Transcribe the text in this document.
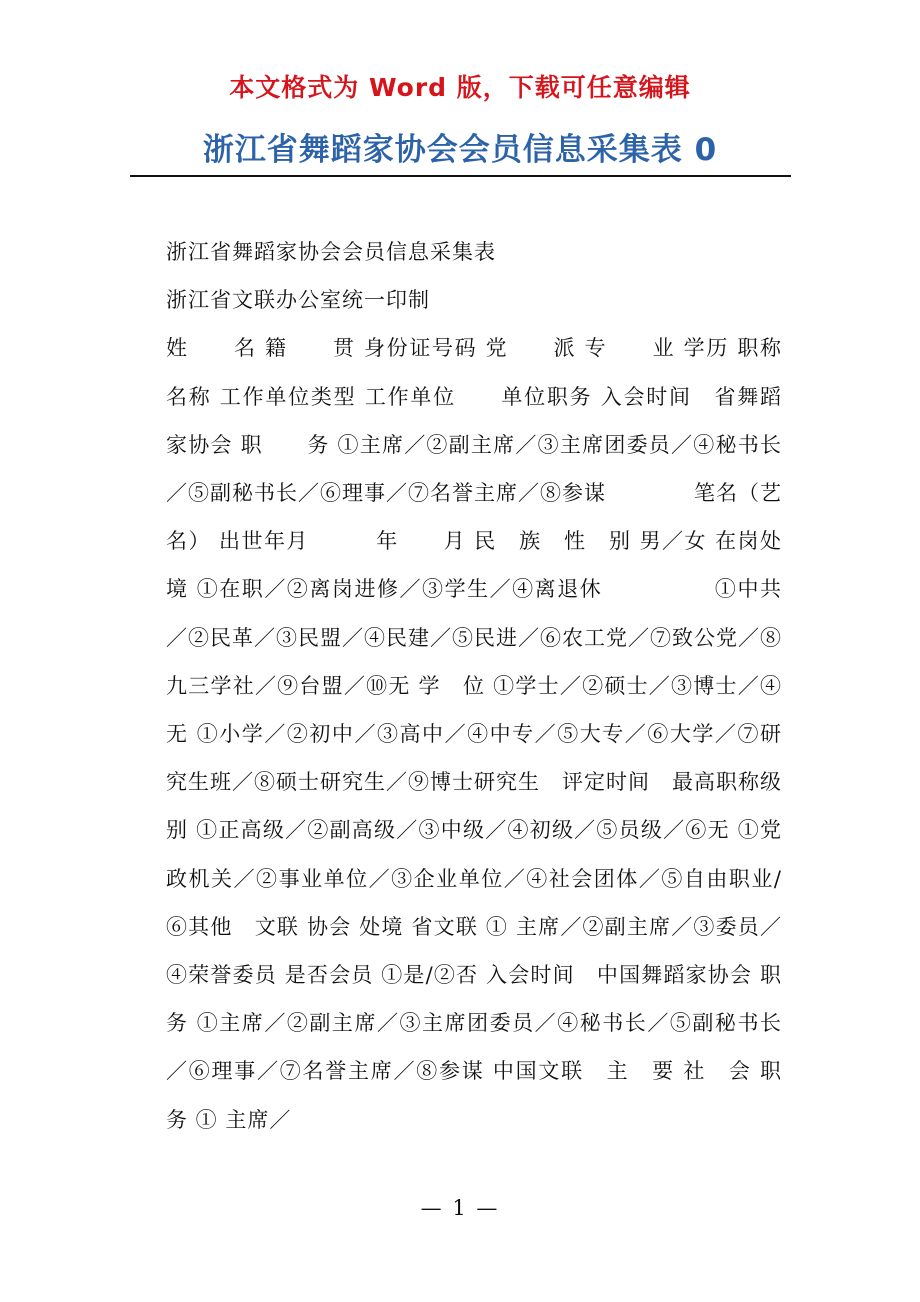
本文格式为 Word 版，下载可任意编辑
浙江省舞蹈家协会会员信息采集表 0

浙江省舞蹈家协会会员信息采集表

浙江省文联办公室统一印制

姓　　名 籍　　贯 身份证号码 党　　派 专　　业 学历 职称名称 工作单位类型 工作单位　　单位职务 入会时间　省舞蹈家协会 职　　务 ①主席／②副主席／③主席团委员／④秘书长／⑤副秘书长／⑥理事／⑦名誉主席／⑧参谋　　　　笔名（艺名） 出世年月　　　年　　月 民　族　性　别 男／女 在岗处境 ①在职／②离岗进修／③学生／④离退休　　　　　①中共／②民革／③民盟／④民建／⑤民进／⑥农工党／⑦致公党／⑧九三学社／⑨台盟／⑩无 学　位 ①学士／②硕士／③博士／④无 ①小学／②初中／③高中／④中专／⑤大专／⑥大学／⑦研究生班／⑧硕士研究生／⑨博士研究生　评定时间　最高职称级别 ①正高级／②副高级／③中级／④初级／⑤员级／⑥无 ①党政机关／②事业单位／③企业单位／④社会团体／⑤自由职业/⑥其他　文联 协会 处境 省文联 ① 主席／②副主席／③委员／④荣誉委员 是否会员 ①是/②否 入会时间　中国舞蹈家协会 职　　务 ①主席／②副主席／③主席团委员／④秘书长／⑤副秘书长／⑥理事／⑦名誉主席／⑧参谋 中国文联　主　要 社　会 职　务 ① 主席／

— 1 —
